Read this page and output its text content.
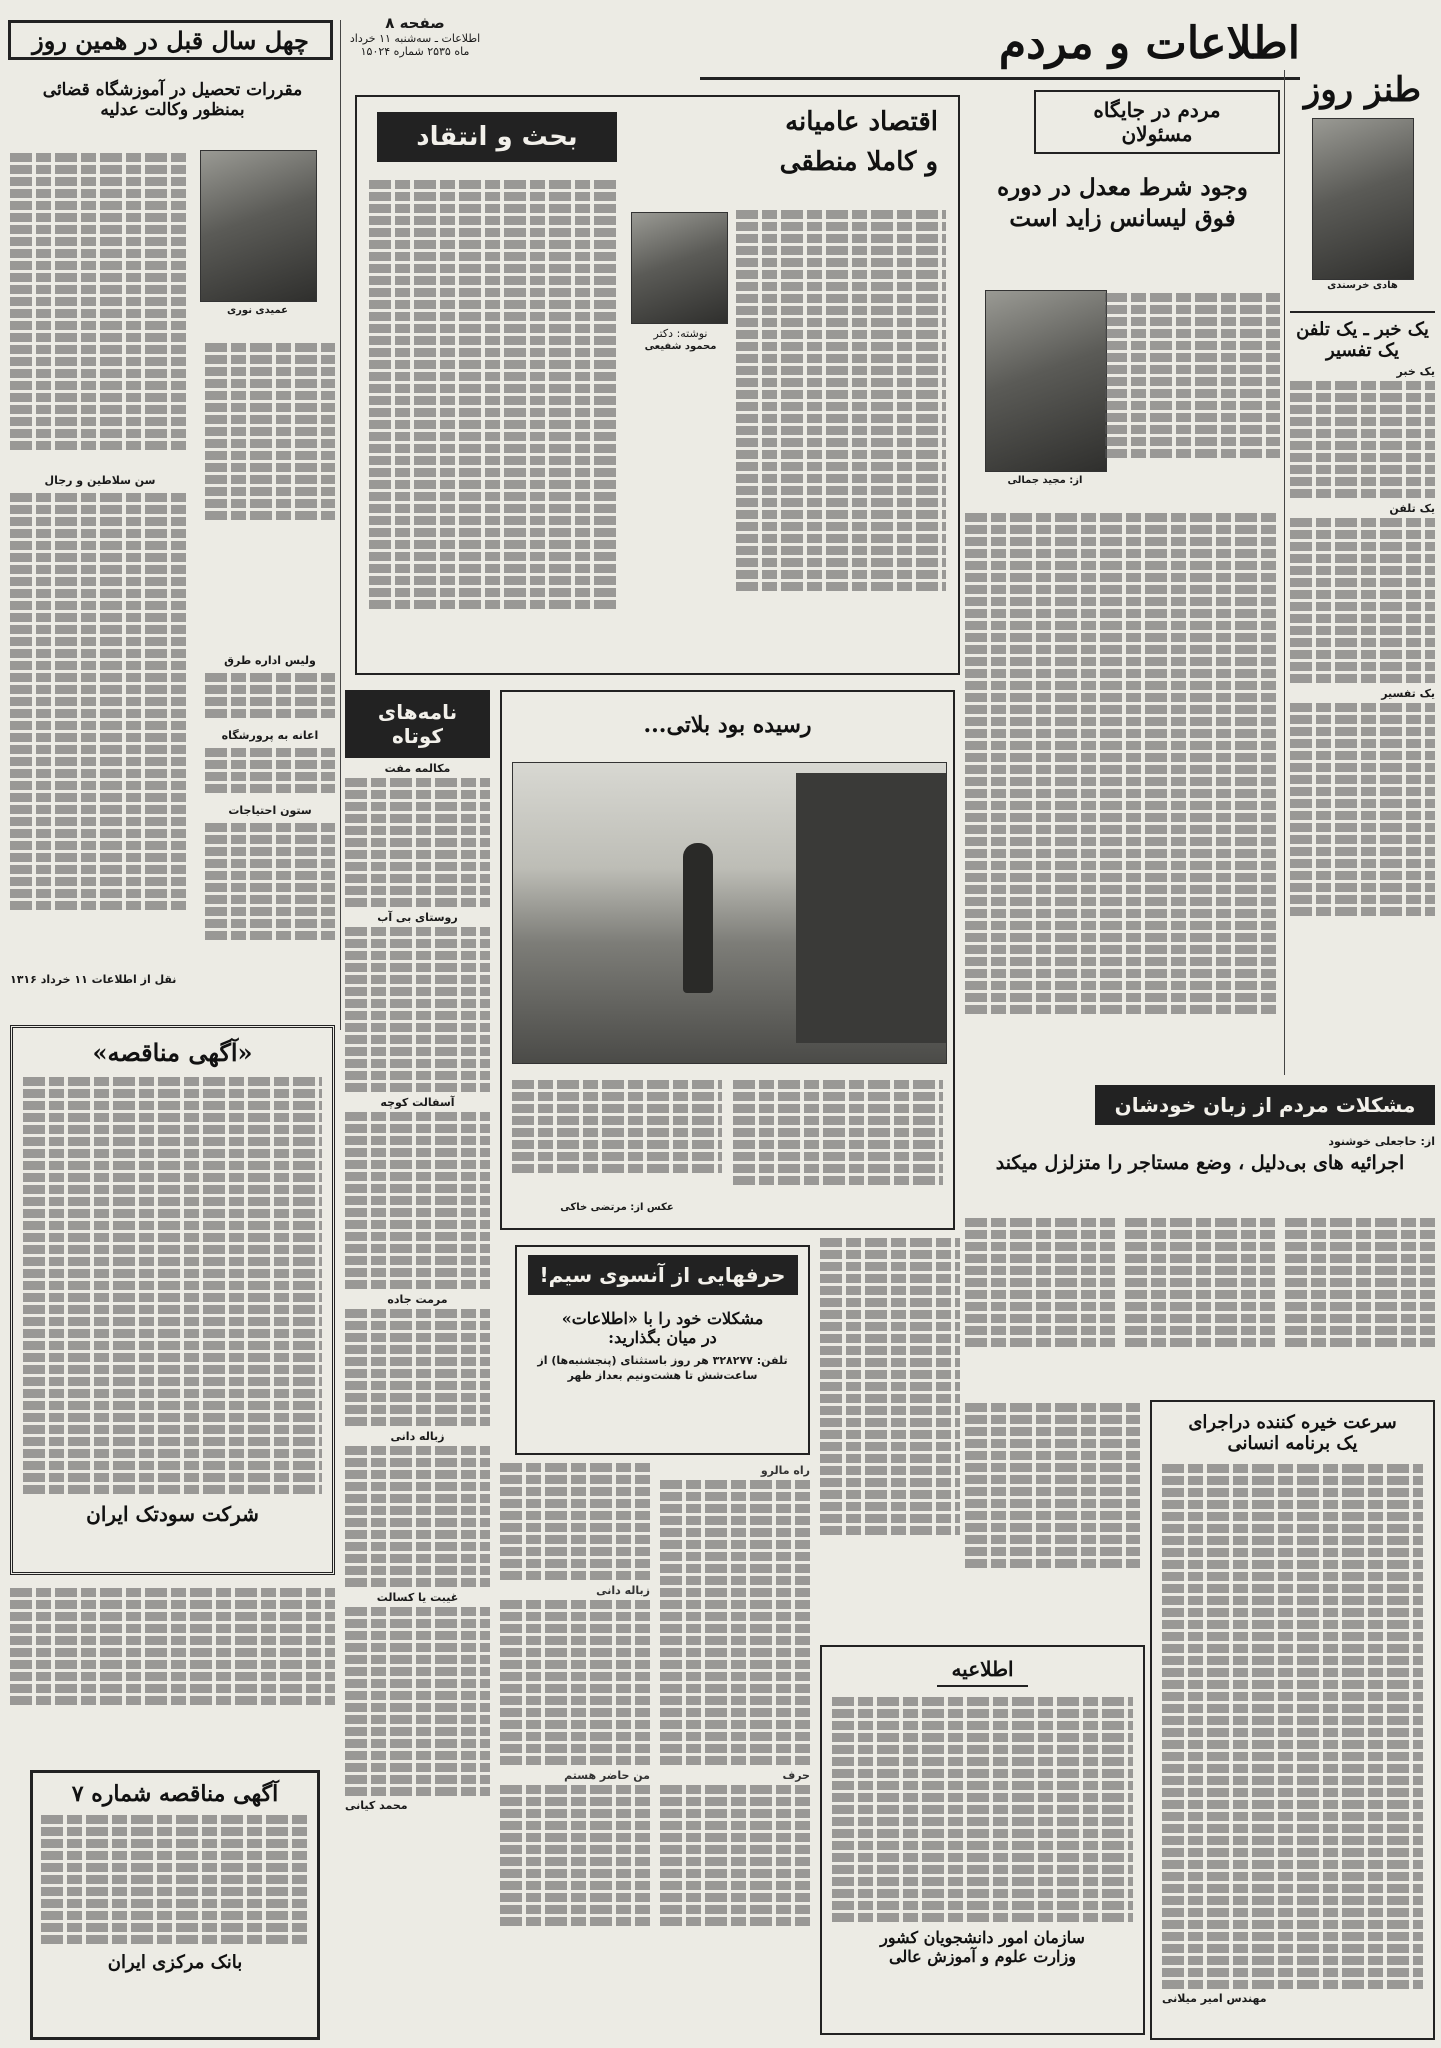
اطلاعات و مردم
صفحه ۸
اطلاعات ـ سه‌شنبه ۱۱ خرداد
ماه ۲۵۳۵ شماره ۱۵۰۲۴
چهل سال قبل در همین روز
طنز روز
هادی خرسندی
یک خبر ـ یک تلفن
یک تفسیر
یک خبر
یک تلفن
یک تفسیر
مردم در جایگاه
مسئولان
وجود شرط معدل در دوره
فوق لیسانس زاید است
از: مجید جمالی
بحث و انتقاد	اقتصاد عامیانه
و کاملا منطقی
نوشته: دکتر
محمود شفیعی
مقررات تحصیل در آموزشگاه قضائی
بمنظور وکالت عدلیه
عمیدی نوری
سن سلاطین و رجال
ولیس اداره طرق
اعانه به پرورشگاه
ستون احتیاجات
نقل از اطلاعات ۱۱ خرداد ۱۳۱۶
«آگهی مناقصه»
شرکت سودتک ایران
آگهی مناقصه شماره ۷
بانک مرکزی ایران
نامه‌های
کوتاه
مکالمه مفت
روستای بی آب
آسفالت کوچه
مرمت جاده
زباله دانی
غیبت یا کسالت
محمد کیانی
رسیده بود بلاتی...
عکس از: مرتضی خاکی
حرفهایی از آنسوی سیم!
مشکلات خود را با «اطلاعات»
در میان بگذارید:
تلفن: ۳۲۸۲۷۷ هر روز باستثنای (پنجشنبه‌ها) از ساعت‌شش تا هشت‌ونیم بعداز ظهر
راه مالرو
حرف
زباله دانی
من حاضر هستم
اطلاعیه
سازمان امور دانشجویان کشور
وزارت علوم و آموزش عالی
مشکلات مردم از زبان خودشان
از: حاجعلی خوشنود
اجرائیه های بی‌دلیل ، وضع مستاجر را متزلزل میکند
سرعت خیره کننده دراجرای
یک برنامه انسانی
مهندس امیر میلانی
